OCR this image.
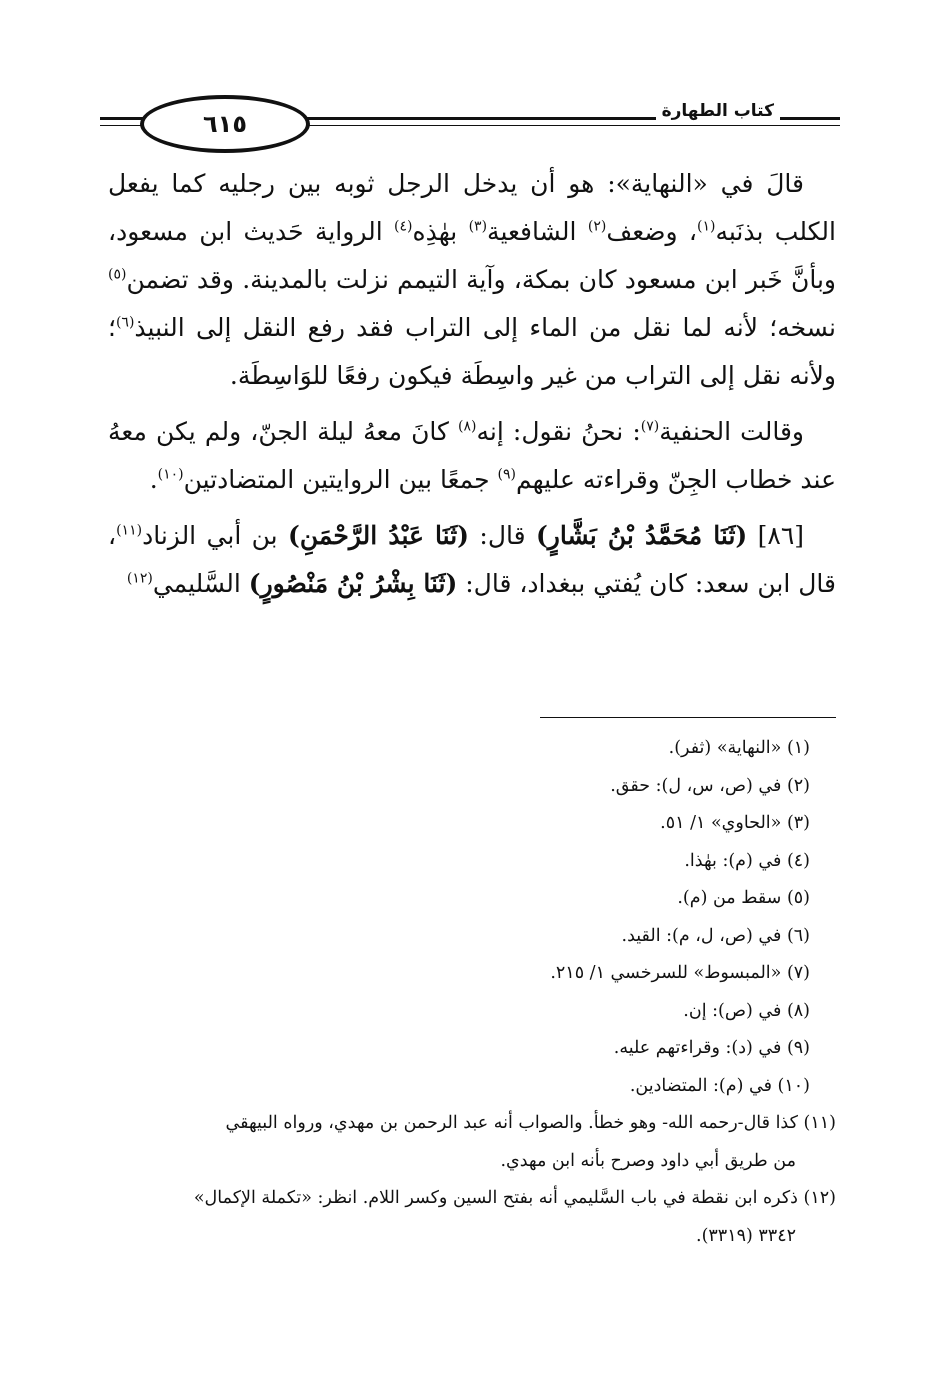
٦١٥	كتاب الطهارة

قالَ في «النهاية»: هو أن يدخل الرجل ثوبه بين رجليه كما يفعل الكلب بذنَبه$^{(١)}$، وضعف$^{(٢)}$ الشافعية$^{(٣)}$ بهٰذِه$^{(٤)}$ الرواية حَديث ابن مسعود، وبأنَّ خَبر ابن مسعود كان بمكة، وآية التيمم نزلت بالمدينة. وقد تضمن$^{(٥)}$ نسخه؛ لأنه لما نقل من الماء إلى التراب فقد رفع النقل إلى النبيذ$^{(٦)}$؛ ولأنه نقل إلى التراب من غير واسِطَة فيكون رفعًا للوَاسِطَة.

وقالت الحنفية$^{(٧)}$: نحنُ نقول: إنه$^{(٨)}$ كانَ معهُ ليلة الجنّ، ولم يكن معهُ عند خطاب الجِنّ وقراءته عليهم$^{(٩)}$ جمعًا بين الروايتين المتضادتين$^{(١٠)}$.

[٨٦] (ثَنَا مُحَمَّدُ بْنُ بَشَّارٍ) قال: (ثَنَا عَبْدُ الرَّحْمَنِ) بن أبي الزناد$^{(١١)}$، قال ابن سعد: كان يُفتي ببغداد، قال: (ثَنَا بِشْرُ بْنُ مَنْصُورٍ) السَّليمي$^{(١٢)}$

(١) «النهاية» (ثفر).
(٢) في (ص، س، ل): حقق.
(٣) «الحاوي» ١/ ٥١.
(٤) في (م): بهٰذا.
(٥) سقط من (م).
(٦) في (ص، ل، م): القيد.
(٧) «المبسوط» للسرخسي ١/ ٢١٥.
(٨) في (ص): إن.
(٩) في (د): وقراءتهم عليه.
(١٠) في (م): المتضادين.
(١١) كذا قال-رحمه الله- وهو خطأ. والصواب أنه عبد الرحمن بن مهدي، ورواه البيهقي
من طريق أبي داود وصرح بأنه ابن مهدي.
(١٢) ذكره ابن نقطة في باب السَّليمي أنه بفتح السين وكسر اللام. انظر: «تكملة الإكمال»
٣٣٤٢ (٣٣١٩).
